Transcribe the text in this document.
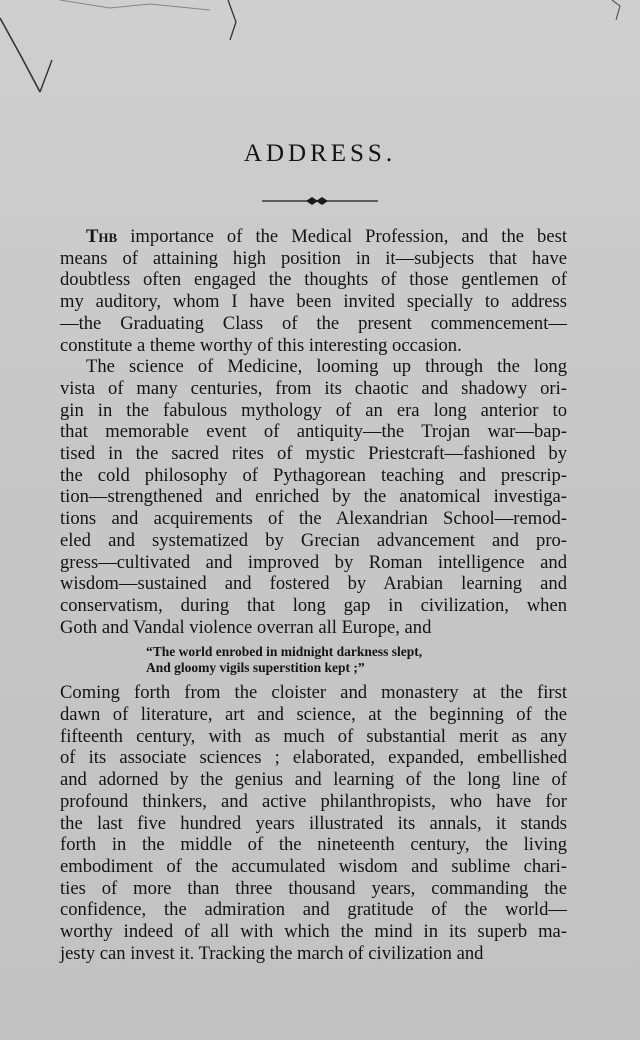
ADDRESS.
Thb importance of the Medical Profession, and the best
means of attaining high position in it—subjects that have
doubtless often engaged the thoughts of those gentlemen of
my auditory, whom I have been invited specially to address
—the Graduating Class of the present commencement—
constitute a theme worthy of this interesting occasion.
The science of Medicine, looming up through the long
vista of many centuries, from its chaotic and shadowy ori-
gin in the fabulous mythology of an era long anterior to
that memorable event of antiquity—the Trojan war—bap-
tised in the sacred rites of mystic Priestcraft—fashioned by
the cold philosophy of Pythagorean teaching and prescrip-
tion—strengthened and enriched by the anatomical investiga-
tions and acquirements of the Alexandrian School—remod-
eled and systematized by Grecian advancement and pro-
gress—cultivated and improved by Roman intelligence and
wisdom—sustained and fostered by Arabian learning and
conservatism, during that long gap in civilization, when
Goth and Vandal violence overran all Europe, and
“The world enrobed in midnight darkness slept,
And gloomy vigils superstition kept ;”
Coming forth from the cloister and monastery at the first
dawn of literature, art and science, at the beginning of the
fifteenth century, with as much of substantial merit as any
of its associate sciences ; elaborated, expanded, embellished
and adorned by the genius and learning of the long line of
profound thinkers, and active philanthropists, who have for
the last five hundred years illustrated its annals, it stands
forth in the middle of the nineteenth century, the living
embodiment of the accumulated wisdom and sublime chari-
ties of more than three thousand years, commanding the
confidence, the admiration and gratitude of the world—
worthy indeed of all with which the mind in its superb ma-
jesty can invest it. Tracking the march of civilization and
